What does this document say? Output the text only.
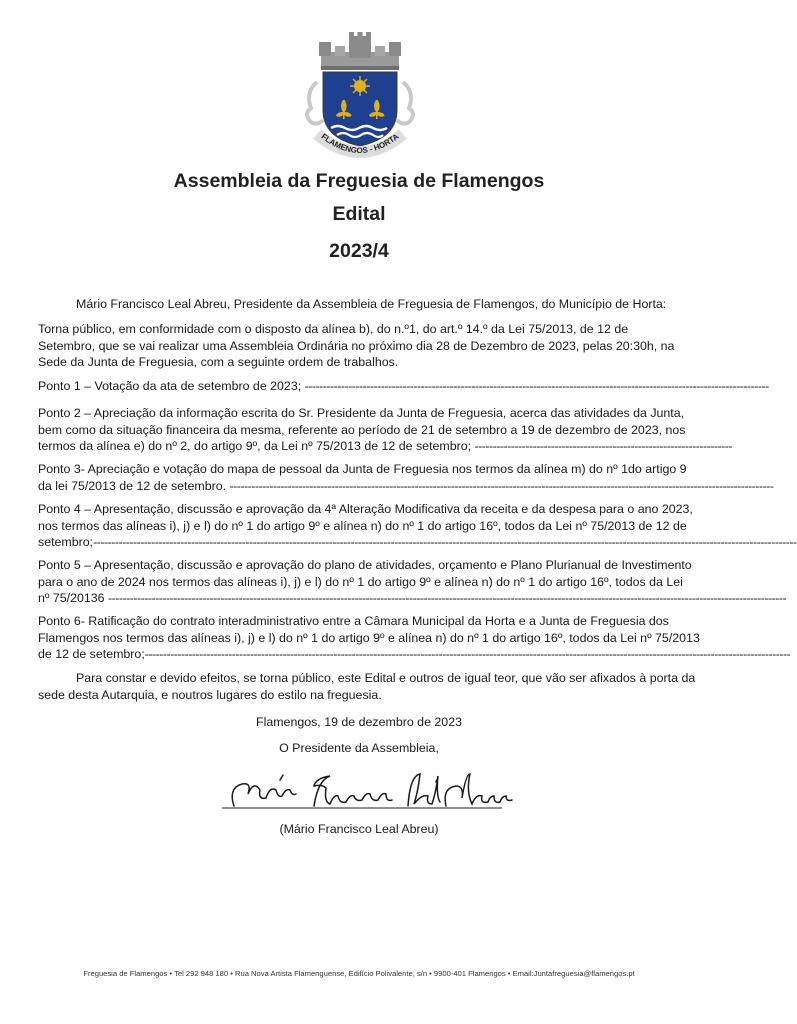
FLAMENGOS - HORTA
Assembleia da Freguesia de Flamengos
Edital
2023/4
Mário Francisco Leal Abreu, Presidente da Assembleia de Freguesia de Flamengos, do Município de Horta:
Torna público, em conformidade com o disposto da alínea b), do n.º1, do art.º 14.º da Lei 75/2013, de 12 de
Setembro, que se vai realizar uma Assembleia Ordinária no próximo dia 28 de Dezembro de 2023, pelas 20:30h, na
Sede da Junta de Freguesia, com a seguinte ordem de trabalhos.
Ponto 1 – Votação da ata de setembro de 2023; --------------------------------------------------------------------------------------------------------------------------------
Ponto 2 – Apreciação da informação escrita do Sr. Presidente da Junta de Freguesia, acerca das atividades da Junta,
bem como da situação financeira da mesma, referente ao período de 21 de setembro a 19 de dezembro de 2023, nos
termos da alínea e) do nº 2, do artigo 9º, da Lei nº 75/2013 de 12 de setembro; -----------------------------------------------------------------------
Ponto 3- Apreciação e votação do mapa de pessoal da Junta de Freguesia nos termos da alínea m) do nº 1do artigo 9
da lei 75/2013 de 12 de setembro. ------------------------------------------------------------------------------------------------------------------------------------------------------
Ponto 4 – Apresentação, discussão e aprovação da 4ª Alteração Modificativa da receita e da despesa para o ano 2023,
nos termos das alíneas i), j) e l) do nº 1 do artigo 9º e alínea n) do nº 1 do artigo 16º, todos da Lei nº 75/2013 de 12 de
setembro;--------------------------------------------------------------------------------------------------------------------------------------------------------------------------------------------------
Ponto 5 – Apresentação, discussão e aprovação do plano de atividades, orçamento e Plano Plurianual de Investimento
para o ano de 2024 nos termos das alíneas i), j) e l) do nº 1 do artigo 9º e alínea n) do nº 1 do artigo 16º, todos da Lei
nº 75/20136 -------------------------------------------------------------------------------------------------------------------------------------------------------------------------------------------
Ponto 6- Ratificação do contrato interadministrativo entre a Câmara Municipal da Horta e a Junta de Freguesia dos
Flamengos nos termos das alíneas i), j) e l) do nº 1 do artigo 9º e alínea n) do nº 1 do artigo 16º, todos da Lei nº 75/2013
de 12 de setembro;----------------------------------------------------------------------------------------------------------------------------------------------------------------------------------
Para constar e devido efeitos, se torna público, este Edital e outros de igual teor, que vão ser afixados à porta da
sede desta Autarquia, e noutros lugares do estilo na freguesia.
Flamengos, 19 de dezembro de 2023
O Presidente da Assembleia,
(Mário Francisco Leal Abreu)
Freguesia de Flamengos • Tel 292 948 180 • Rua Nova Artista Flamenguense, Edifício Polivalente, s/n • 9900-401 Flamengos • Email:Juntafreguesia@flamengos.pt
